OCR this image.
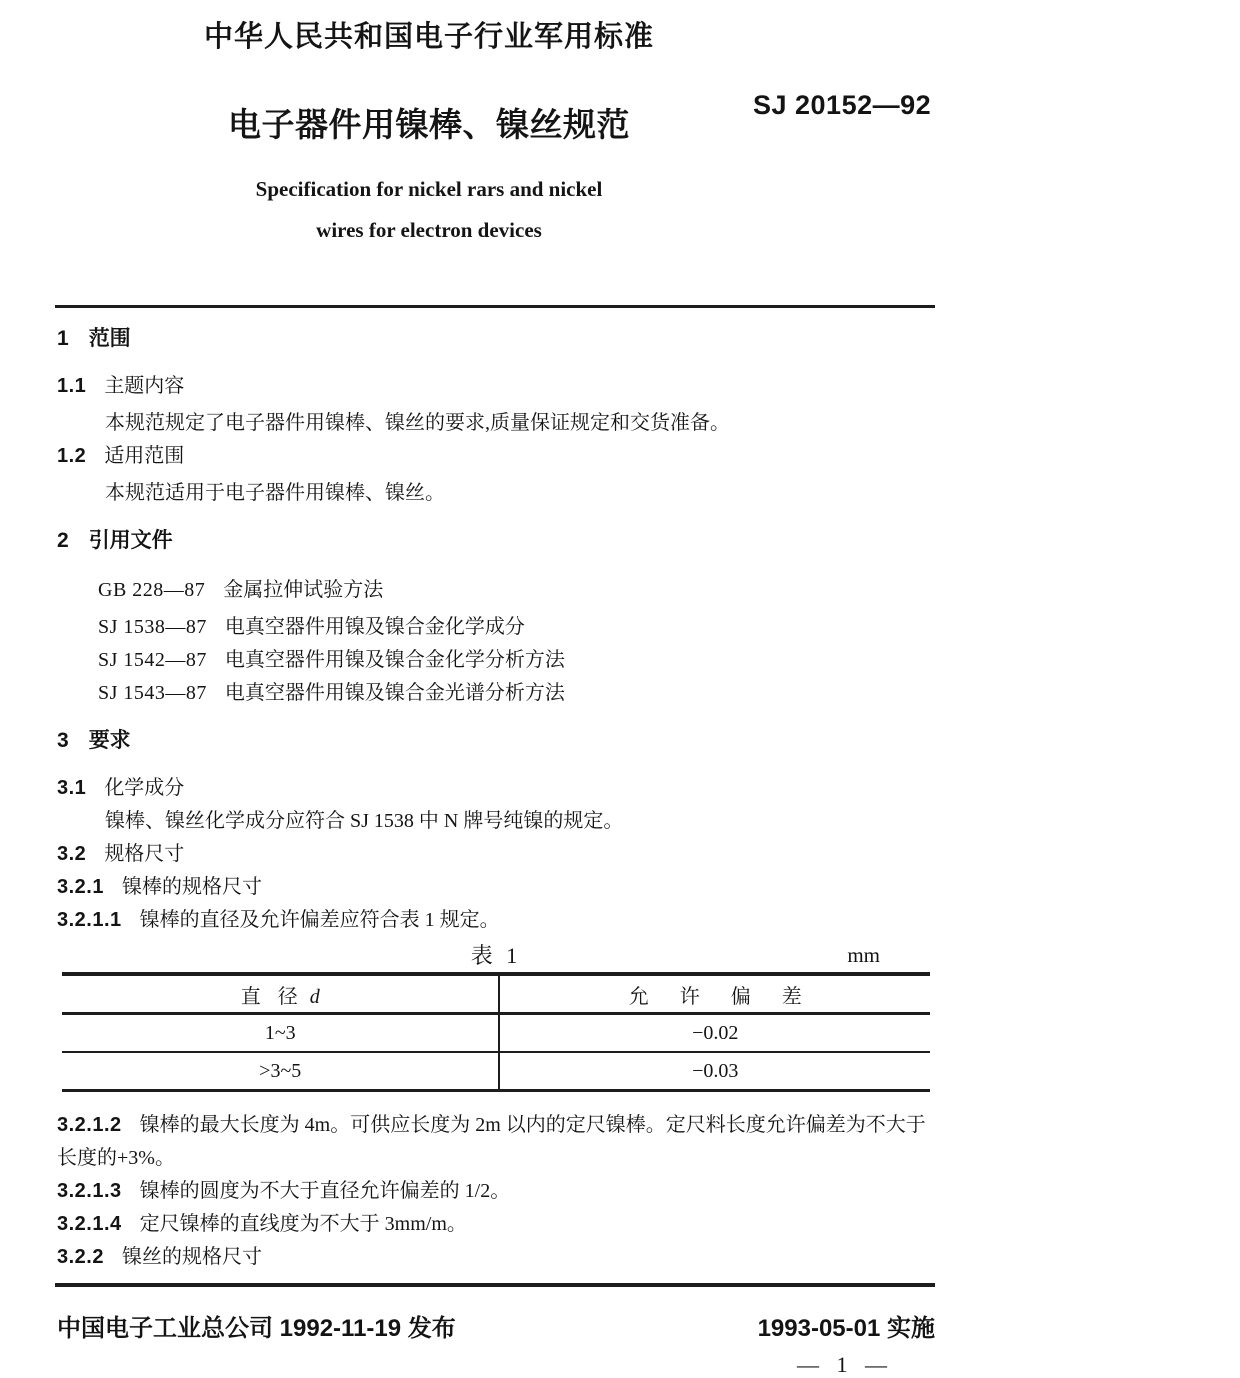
中华人民共和国电子行业军用标准
电子器件用镍棒、镍丝规范
Specification for nickel rars and nickel
wires for electron devices
SJ 20152—92

1 范围

1.1 主题内容

本规范规定了电子器件用镍棒、镍丝的要求,质量保证规定和交货准备。

1.2 适用范围

本规范适用于电子器件用镍棒、镍丝。

2 引用文件

GB 228—87 金属拉伸试验方法

SJ 1538—87 电真空器件用镍及镍合金化学成分

SJ 1542—87 电真空器件用镍及镍合金化学分析方法

SJ 1543—87 电真空器件用镍及镍合金光谱分析方法

3 要求

3.1 化学成分

镍棒、镍丝化学成分应符合 SJ 1538 中 N 牌号纯镍的规定。

3.2 规格尺寸

3.2.1 镍棒的规格尺寸

3.2.1.1 镍棒的直径及允许偏差应符合表 1 规定。

表 1	mm
直 径 d	允 许 偏 差
1~3	−0.02
>3~5	−0.03

3.2.1.2 镍棒的最大长度为 4m。可供应长度为 2m 以内的定尺镍棒。定尺料长度允许偏差为不大于长度的+3%。

3.2.1.3 镍棒的圆度为不大于直径允许偏差的 1/2。

3.2.1.4 定尺镍棒的直线度为不大于 3mm/m。

3.2.2 镍丝的规格尺寸

中国电子工业总公司 1992-11-19 发布	1993-05-01 实施
— 1 —
